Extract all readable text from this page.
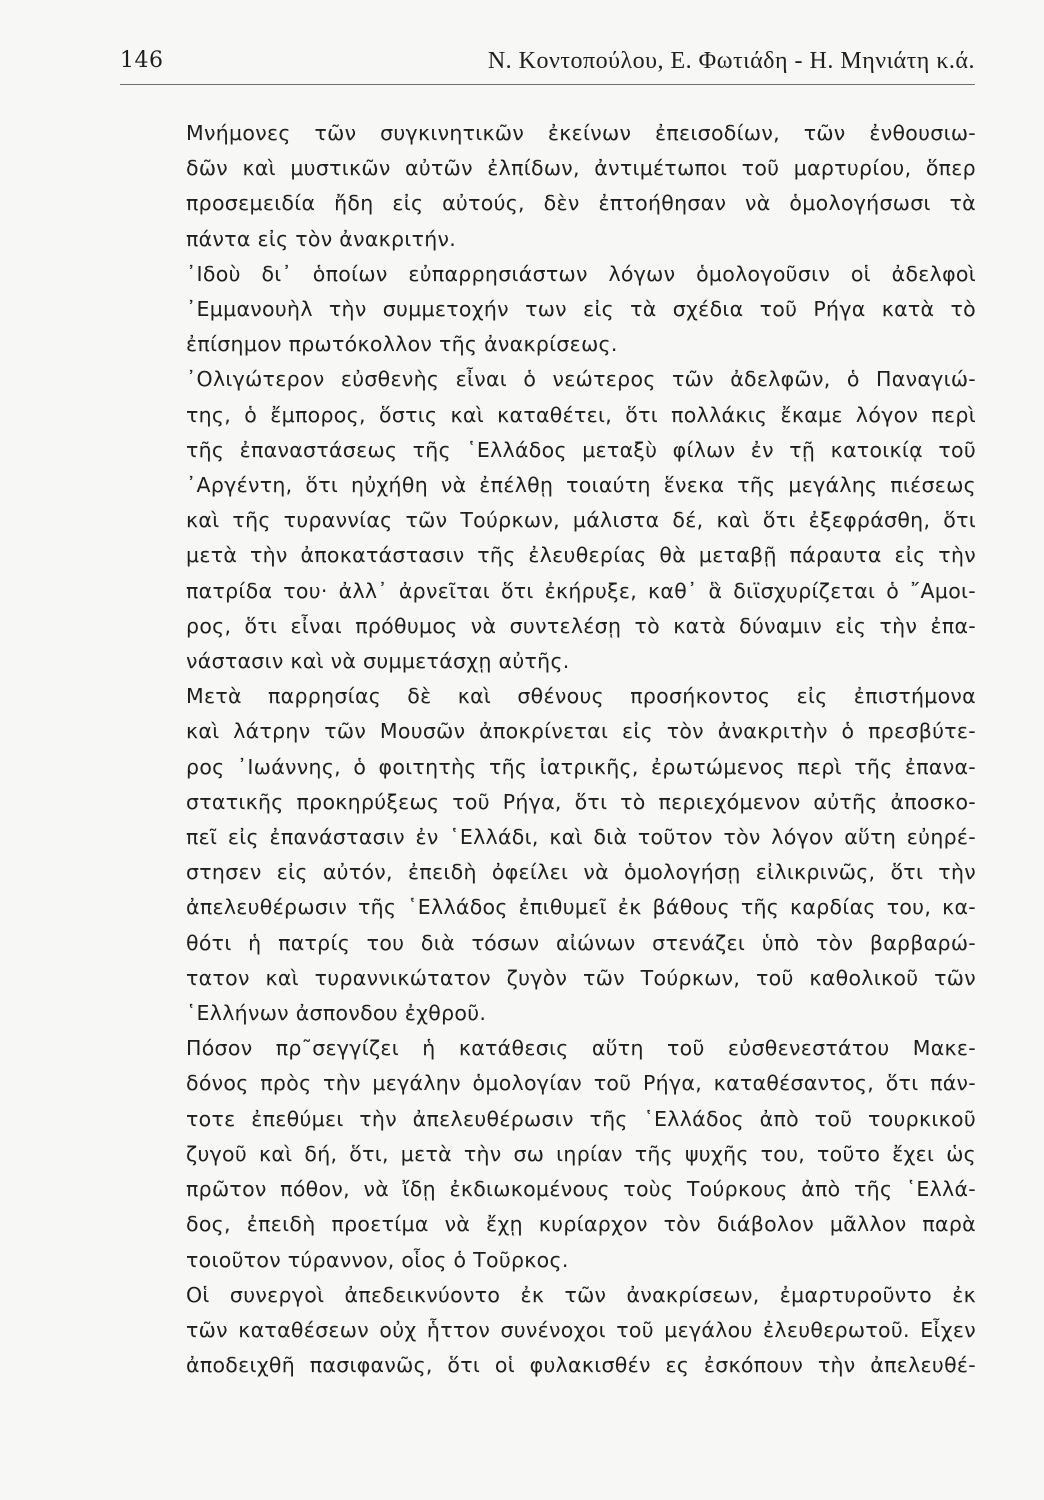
146	Ν. Κοντοπούλου, Ε. Φωτιάδη - Η. Μηνιάτη κ.ά.

Μνήμονες τῶν συγκινητικῶν ἐκείνων ἐπεισοδίων, τῶν ἐνθουσιω-
δῶν καὶ μυστικῶν αὐτῶν ἐλπίδων, ἀντιμέτωποι τοῦ μαρτυρίου, ὅπερ
προσεμειδία ἤδη εἰς αὐτούς, δὲν ἐπτοήθησαν νὰ ὁμολογήσωσι τὰ
πάντα εἰς τὸν ἀνακριτήν.

᾿Ιδοὺ δι᾿ ὁποίων εὐπαρρησιάστων λόγων ὁμολογοῦσιν οἱ ἀδελφοὶ
᾿Εμμανουὴλ τὴν συμμετοχήν των εἰς τὰ σχέδια τοῦ Ρήγα κατὰ τὸ
ἐπίσημον πρωτόκολλον τῆς ἀνακρίσεως.

᾿Ολιγώτερον εὐσθενὴς εἶναι ὁ νεώτερος τῶν ἀδελφῶν, ὁ Παναγιώ-
της, ὁ ἔμπορος, ὅστις καὶ καταθέτει, ὅτι πολλάκις ἔκαμε λόγον περὶ
τῆς ἐπαναστάσεως τῆς ῾Ελλάδος μεταξὺ φίλων ἐν τῇ κατοικίᾳ τοῦ
᾿Αργέντη, ὅτι ηὐχήθη νὰ ἐπέλθῃ τοιαύτη ἕνεκα τῆς μεγάλης πιέσεως
καὶ τῆς τυραννίας τῶν Τούρκων, μάλιστα δέ, καὶ ὅτι ἐξεφράσθη, ὅτι
μετὰ τὴν ἀποκατάστασιν τῆς ἐλευθερίας θὰ μεταβῇ πάραυτα εἰς τὴν
πατρίδα του· ἀλλ᾿ ἀρνεῖται ὅτι ἐκήρυξε, καθ᾿ ἃ διϊσχυρίζεται ὁ ῎Αμοι-
ρος, ὅτι εἶναι πρόθυμος νὰ συντελέσῃ τὸ κατὰ δύναμιν εἰς τὴν ἐπα-
νάστασιν καὶ νὰ συμμετάσχῃ αὐτῆς.

Μετὰ παρρησίας δὲ καὶ σθένους προσήκοντος εἰς ἐπιστήμονα
καὶ λάτρην τῶν Μουσῶν ἀποκρίνεται εἰς τὸν ἀνακριτὴν ὁ πρεσβύτε-
ρος ᾿Ιωάννης, ὁ φοιτητὴς τῆς ἰατρικῆς, ἐρωτώμενος περὶ τῆς ἐπανα-
στατικῆς προκηρύξεως τοῦ Ρήγα, ὅτι τὸ περιεχόμενον αὐτῆς ἀποσκο-
πεῖ εἰς ἐπανάστασιν ἐν ῾Ελλάδι, καὶ διὰ τοῦτον τὸν λόγον αὕτη εὐηρέ-
στησεν εἰς αὐτόν, ἐπειδὴ ὀφείλει νὰ ὁμολογήσῃ εἰλικρινῶς, ὅτι τὴν
ἀπελευθέρωσιν τῆς ῾Ελλάδος ἐπιθυμεῖ ἐκ βάθους τῆς καρδίας του, κα-
θότι ἡ πατρίς του διὰ τόσων αἰώνων στενάζει ὑπὸ τὸν βαρβαρώ-
τατον καὶ τυραννικώτατον ζυγὸν τῶν Τούρκων, τοῦ καθολικοῦ τῶν
῾Ελλήνων ἀσπονδου ἐχθροῦ.

Πόσον πρ῀σεγγίζει ἡ κατάθεσις αὕτη τοῦ εὐσθενεστάτου Μακε-
δόνος πρὸς τὴν μεγάλην ὁμολογίαν τοῦ Ρήγα, καταθέσαντος, ὅτι πάν-
τοτε ἐπεθύμει τὴν ἀπελευθέρωσιν τῆς ῾Ελλάδος ἀπὸ τοῦ τουρκικοῦ
ζυγοῦ καὶ δή, ὅτι, μετὰ τὴν σω ιηρίαν τῆς ψυχῆς του, τοῦτο ἔχει ὡς
πρῶτον πόθον, νὰ ἴδῃ ἐκδιωκομένους τοὺς Τούρκους ἀπὸ τῆς ῾Ελλά-
δος, ἐπειδὴ προετίμα νὰ ἔχῃ κυρίαρχον τὸν διάβολον μᾶλλον παρὰ
τοιοῦτον τύραννον, οἷος ὁ Τοῦρκος.

Οἱ συνεργοὶ ἀπεδεικνύοντο ἐκ τῶν ἀνακρίσεων, ἐμαρτυροῦντο ἐκ
τῶν καταθέσεων οὐχ ἧττον συνένοχοι τοῦ μεγάλου ἐλευθερωτοῦ. Εἶχεν
ἀποδειχθῆ πασιφανῶς, ὅτι οἱ φυλακισθέν ες ἐσκόπουν τὴν ἀπελευθέ-
